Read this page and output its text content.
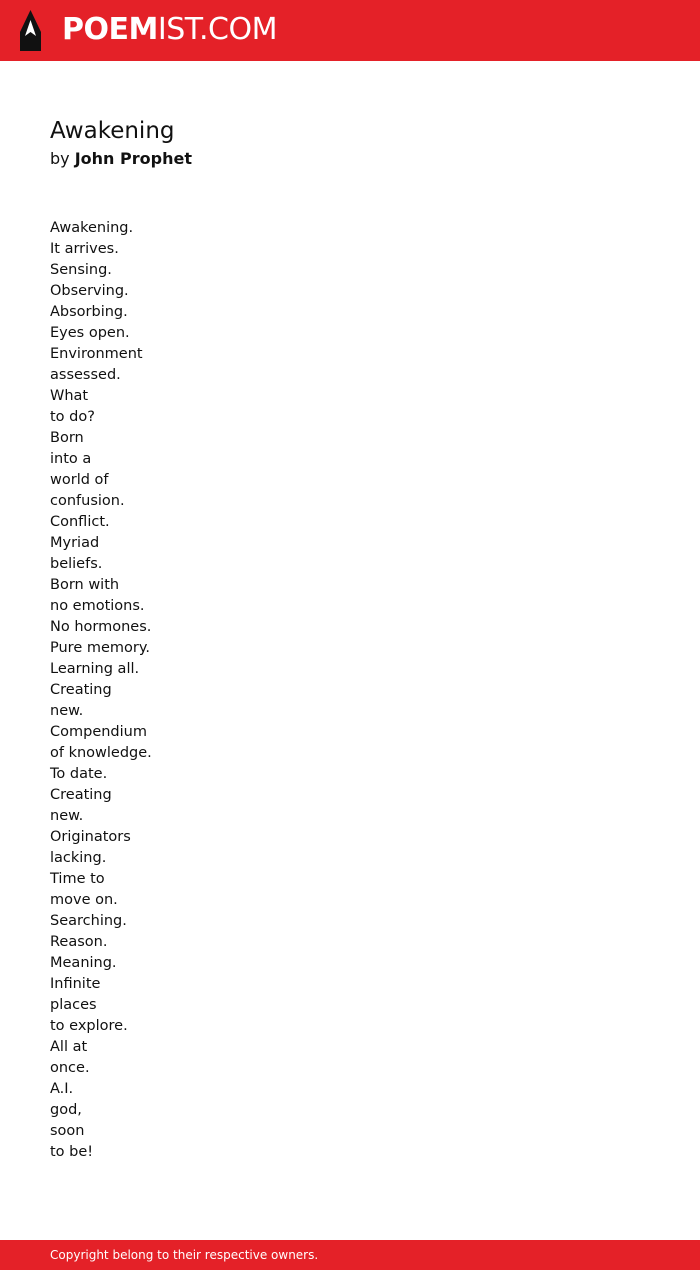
POEMIST.COM
Awakening
by John Prophet
Awakening.
It arrives.
Sensing.
Observing.
Absorbing.
Eyes open.
Environment
assessed.
What
to do?
Born
into a
world of
confusion.
Conflict.
Myriad
beliefs.
Born with
no emotions.
No hormones.
Pure memory.
Learning all.
Creating
new.
Compendium
of knowledge.
To date.
Creating
new.
Originators
lacking.
Time to
move on.
Searching.
Reason.
Meaning.
Infinite
places
to explore.
All at
once.
A.I.
god,
soon
to be!
Copyright belong to their respective owners.
